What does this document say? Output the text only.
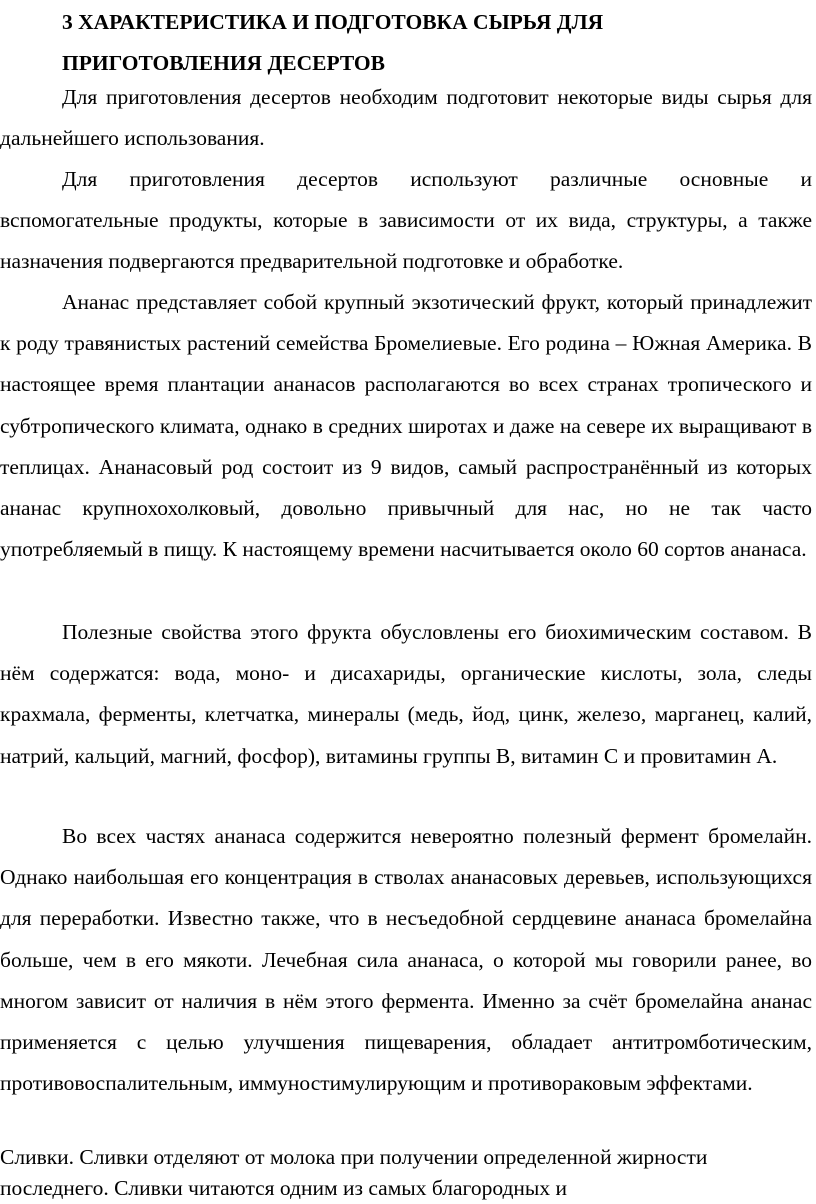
3 ХАРАКТЕРИСТИКА И ПОДГОТОВКА СЫРЬЯ ДЛЯ ПРИГОТОВЛЕНИЯ ДЕСЕРТОВ

Для приготовления десертов необходим подготовит некоторые виды сырья для дальнейшего использования.

Для приготовления десертов используют различные основные и вспомогательные продукты, которые в зависимости от их вида, структуры, а также назначения подвергаются предварительной подготовке и обработке.

Ананас представляет собой крупный экзотический фрукт, который принадлежит к роду травянистых растений семейства Бромелиевые. Его родина – Южная Америка. В настоящее время плантации ананасов располагаются во всех странах тропического и субтропического климата, однако в средних широтах и даже на севере их выращивают в теплицах. Ананасовый род состоит из 9 видов, самый распространённый из которых ананас крупнохохолковый, довольно привычный для нас, но не так часто употребляемый в пищу. К настоящему времени насчитывается около 60 сортов ананаса.

Полезные свойства этого фрукта обусловлены его биохимическим составом. В нём содержатся: вода, моно- и дисахариды, органические кислоты, зола, следы крахмала, ферменты, клетчатка, минералы (медь, йод, цинк, железо, марганец, калий, натрий, кальций, магний, фосфор), витамины группы В, витамин С и провитамин А.

Во всех частях ананаса содержится невероятно полезный фермент бромелайн. Однако наибольшая его концентрация в стволах ананасовых деревьев, использующихся для переработки. Известно также, что в несъедобной сердцевине ананаса бромелайна больше, чем в его мякоти. Лечебная сила ананаса, о которой мы говорили ранее, во многом зависит от наличия в нём этого фермента. Именно за счёт бромелайна ананас применяется с целью улучшения пищеварения, обладает антитромботическим, противовоспалительным, иммуностимулирующим и противораковым эффектами.

Сливки. Сливки отделяют от молока при получении определенной жирности последнего. Сливки читаются одним из самых благородных и
